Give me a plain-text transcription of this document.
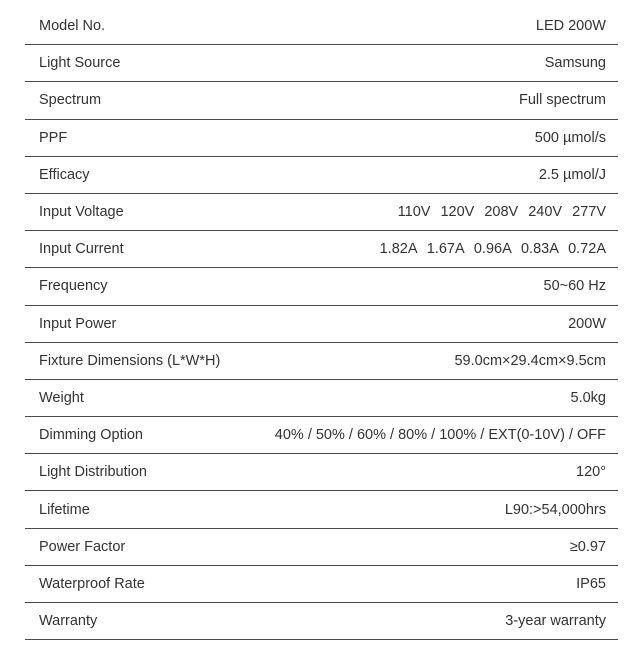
Model No.	LED 200W
Light Source	Samsung
Spectrum	Full spectrum
PPF	500 µmol/s
Efficacy	2.5 µmol/J
Input Voltage	110V 120V 208V 240V 277V
Input Current	1.82A 1.67A 0.96A 0.83A 0.72A
Frequency	50~60 Hz
Input Power	200W
Fixture Dimensions (L*W*H)	59.0cm×29.4cm×9.5cm
Weight	5.0kg
Dimming Option	40% / 50% / 60% / 80% / 100% / EXT(0-10V) / OFF
Light Distribution	120°
Lifetime	L90:>54,000hrs
Power Factor	≥0.97
Waterproof Rate	IP65
Warranty	3-year warranty
